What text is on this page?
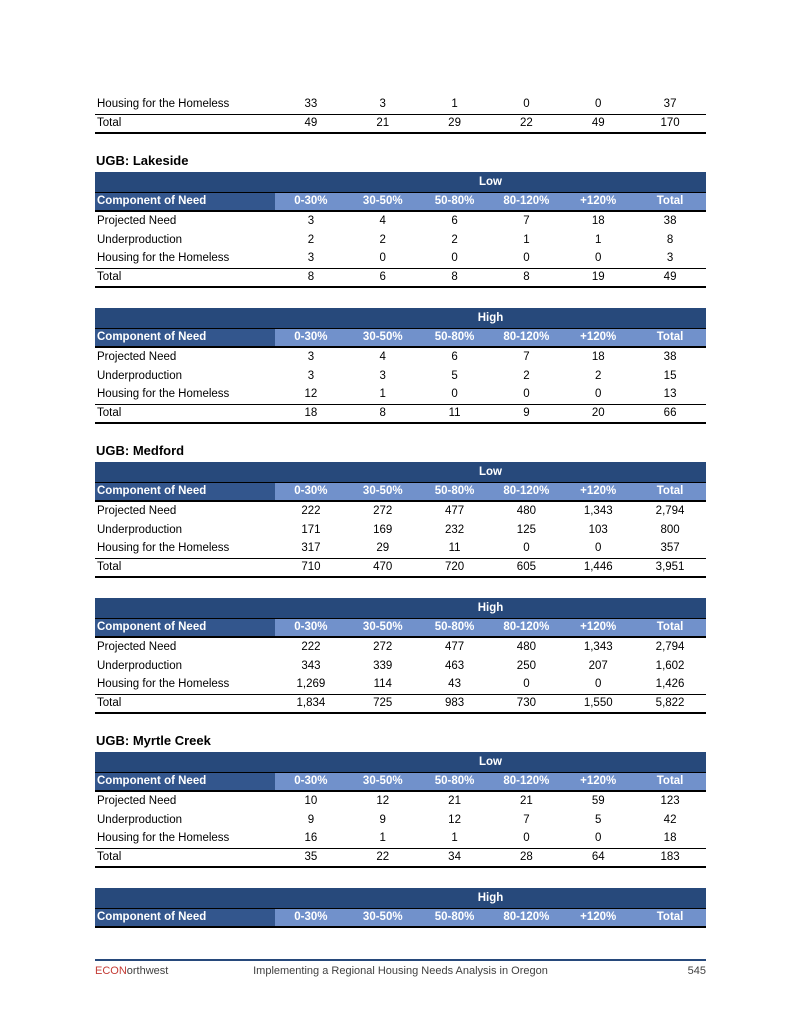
Housing for the Homeless	33	3	1	0	0	37
Total	49	21	29	22	49	170
UGB: Lakeside
	Low					
Component of Need	0-30%	30-50%	50-80%	80-120%	+120%	Total
Projected Need	3	4	6	7	18	38
Underproduction	2	2	2	1	1	8
Housing for the Homeless	3	0	0	0	0	3
Total	8	6	8	8	19	49
	High					
Component of Need	0-30%	30-50%	50-80%	80-120%	+120%	Total
Projected Need	3	4	6	7	18	38
Underproduction	3	3	5	2	2	15
Housing for the Homeless	12	1	0	0	0	13
Total	18	8	11	9	20	66
UGB: Medford
	Low					
Component of Need	0-30%	30-50%	50-80%	80-120%	+120%	Total
Projected Need	222	272	477	480	1,343	2,794
Underproduction	171	169	232	125	103	800
Housing for the Homeless	317	29	11	0	0	357
Total	710	470	720	605	1,446	3,951
	High					
Component of Need	0-30%	30-50%	50-80%	80-120%	+120%	Total
Projected Need	222	272	477	480	1,343	2,794
Underproduction	343	339	463	250	207	1,602
Housing for the Homeless	1,269	114	43	0	0	1,426
Total	1,834	725	983	730	1,550	5,822
UGB: Myrtle Creek
	Low					
Component of Need	0-30%	30-50%	50-80%	80-120%	+120%	Total
Projected Need	10	12	21	21	59	123
Underproduction	9	9	12	7	5	42
Housing for the Homeless	16	1	1	0	0	18
Total	35	22	34	28	64	183
	High					
Component of Need	0-30%	30-50%	50-80%	80-120%	+120%	Total
ECONorthwest	Implementing a Regional Housing Needs Analysis in Oregon	545
